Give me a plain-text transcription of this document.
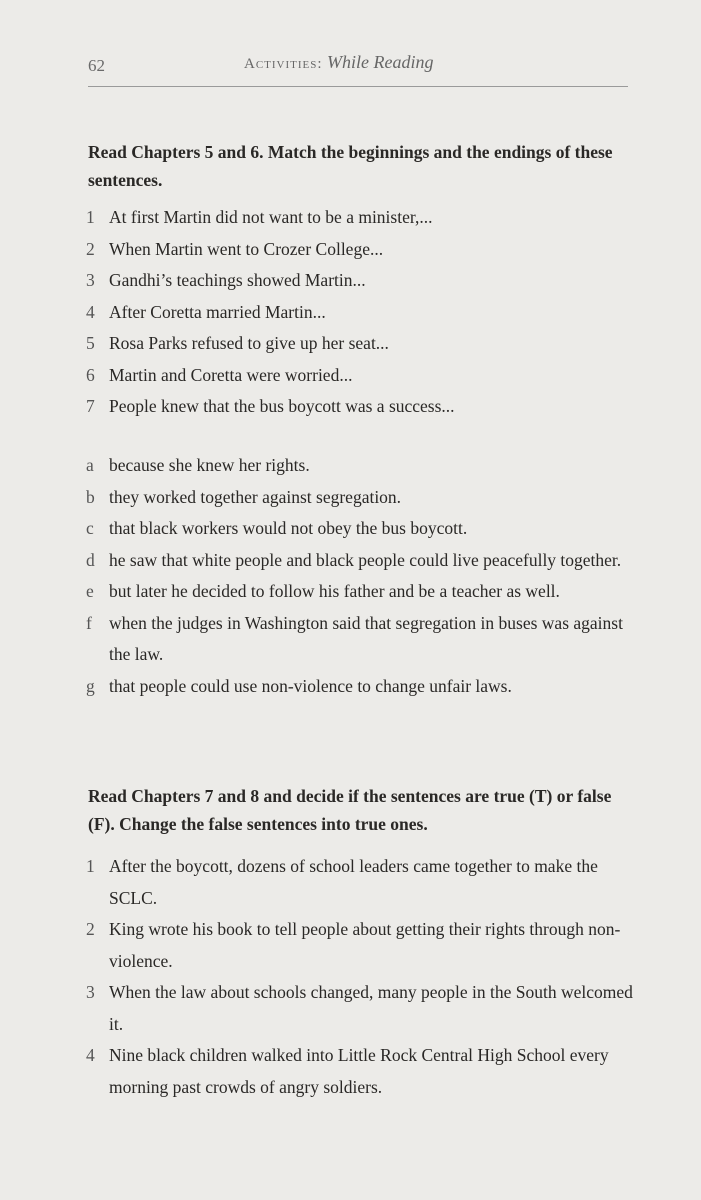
62	Activities: While Reading
Read Chapters 5 and 6. Match the beginnings and the endings of these sentences.
1 At first Martin did not want to be a minister,...
2 When Martin went to Crozer College...
3 Gandhi’s teachings showed Martin...
4 After Coretta married Martin...
5 Rosa Parks refused to give up her seat...
6 Martin and Coretta were worried...
7 People knew that the bus boycott was a success...
a because she knew her rights.
b they worked together against segregation.
c that black workers would not obey the bus boycott.
d he saw that white people and black people could live peacefully together.
e but later he decided to follow his father and be a teacher as well.
f when the judges in Washington said that segregation in buses was against the law.
g that people could use non-violence to change unfair laws.
Read Chapters 7 and 8 and decide if the sentences are true (T) or false (F). Change the false sentences into true ones.
1 After the boycott, dozens of school leaders came together to make the SCLC.
2 King wrote his book to tell people about getting their rights through non-violence.
3 When the law about schools changed, many people in the South welcomed it.
4 Nine black children walked into Little Rock Central High School every morning past crowds of angry soldiers.
